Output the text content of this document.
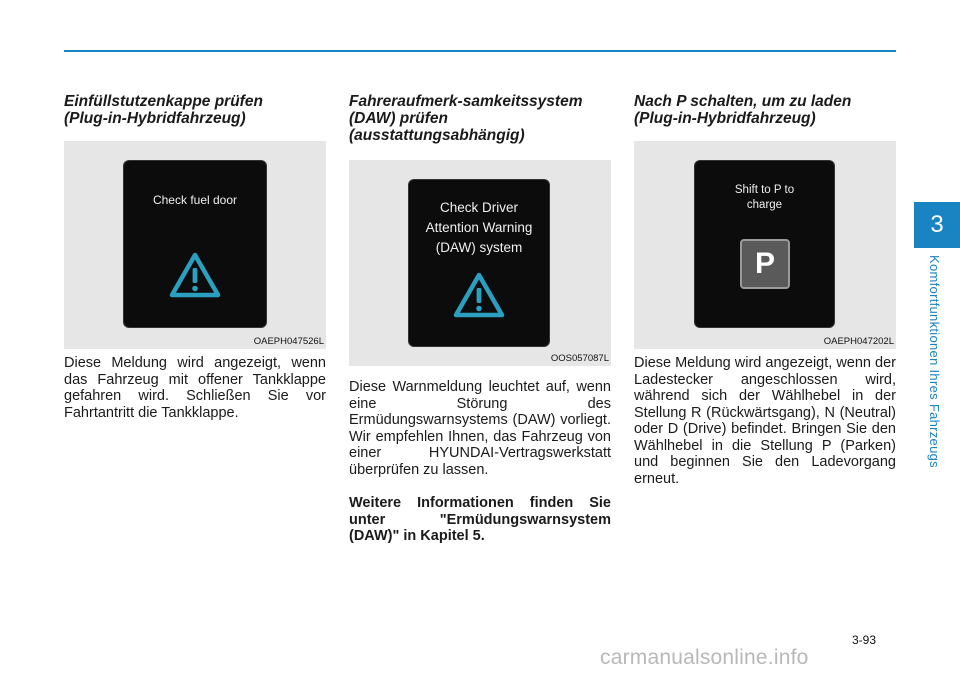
3
Komfortfunktionen Ihres Fahrzeugs
Einfüllstutzenkappe prüfen
(Plug-in-Hybridfahrzeug)
Check fuel door
OAEPH047526L

Diese Meldung wird angezeigt, wenn das Fahrzeug mit offener Tankklappe gefahren wird. Schließen Sie vor Fahrtantritt die Tankklappe.

Fahreraufmerk-samkeitssystem
(DAW) prüfen
(ausstattungsabhängig)
Check Driver
Attention Warning
(DAW) system
OOS057087L

Diese Warnmeldung leuchtet auf, wenn eine Störung des Ermüdungswarnsystems (DAW) vorliegt. Wir empfehlen Ihnen, das Fahrzeug von einer HYUNDAI-Vertragswerkstatt überprüfen zu lassen.

Weitere Informationen finden Sie unter "Ermüdungswarnsystem (DAW)" in Kapitel 5.

Nach P schalten, um zu laden
(Plug-in-Hybridfahrzeug)
Shift to P to
charge
P
OAEPH047202L

Diese Meldung wird angezeigt, wenn der Ladestecker angeschlossen wird, während sich der Wählhebel in der Stellung R (Rückwärtsgang), N (Neutral) oder D (Drive) befindet. Bringen Sie den Wählhebel in die Stellung P (Parken) und beginnen Sie den Ladevorgang erneut.

3-93
carmanualsonline.info
